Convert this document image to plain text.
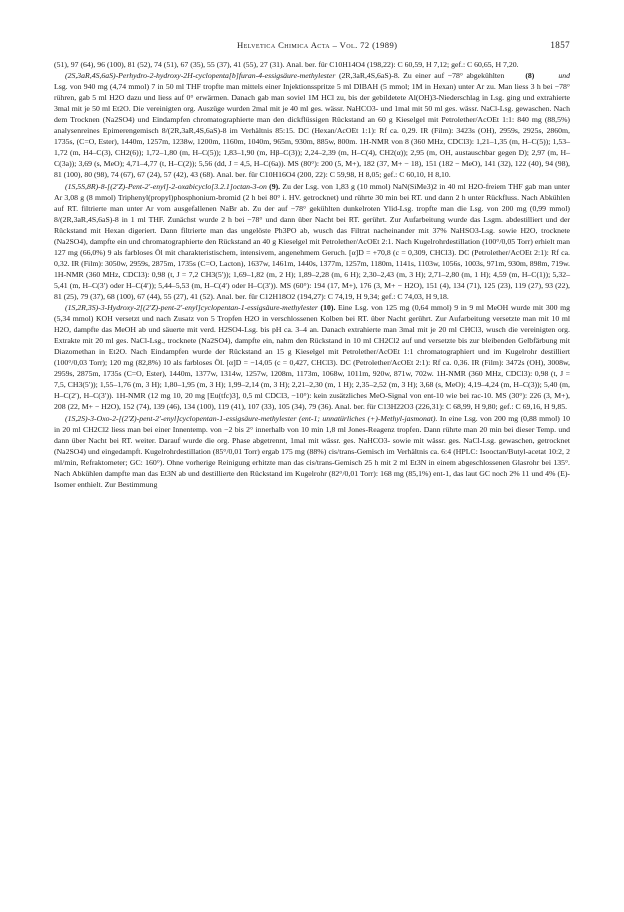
Helvetica Chimica Acta – Vol. 72 (1989)	1857

(51), 97 (64), 96 (100), 81 (52), 74 (51), 67 (35), 55 (37), 41 (55), 27 (31). Anal. ber. für C10H14O4 (198,22): C 60,59, H 7,12; gef.: C 60,65, H 7,20.

(8)	und
(2S,3aR,4S,6aS)-Perhydro-2-hydroxy-2H-cyclopenta[b]furan-4-essigsäure-methylester (2R,3aR,4S,6aS)-8. Zu einer auf −78° abgekühlten Lsg. von 940 mg (4,74 mmol) 7 in 50 ml THF tropfte man mittels einer Injektionsspritze 5 ml DIBAH (5 mmol; 1M in Hexan) unter Ar zu. Man liess 3 h bei −78° rühren, gab 5 ml H2O dazu und liess auf 0° erwärmen. Danach gab man soviel 1M HCl zu, bis der gebildetete Al(OH)3-Niederschlag in Lsg. ging und extrahierte 3mal mit je 50 ml Et2O. Die vereinigten org. Auszüge wurden 2mal mit je 40 ml ges. wässr. NaHCO3- und 1mal mit 50 ml ges. wässr. NaCl-Lsg. gewaschen. Nach dem Trocknen (Na2SO4) und Eindampfen chromatographierte man den dickflüssigen Rückstand an 60 g Kieselgel mit Petrolether/AcOEt 1:1: 840 mg (88,5%) analysenreines Epimerengemisch 8/(2R,3aR,4S,6aS)-8 im Verhältnis 85:15. DC (Hexan/AcOEt 1:1): Rf ca. 0,29. IR (Film): 3423s (OH), 2959s, 2925s, 2860m, 1735s, (C=O, Ester), 1440m, 1257m, 1238w, 1200m, 1160m, 1040m, 965m, 930m, 885w, 800m. 1H-NMR von 8 (360 MHz, CDCl3): 1,21–1,35 (m, H–C(5)); 1,53–1,72 (m, H4–C(3), CH2(6)); 1,72–1,80 (m, H–C(5)); 1,83–1,90 (m, Hβ–C(3)); 2,24–2,39 (m, H–C(4), CH2(α)); 2,95 (m, OH, austauschbar gegen D); 2,97 (m, H–C(3a)); 3,69 (s, MeO); 4,71–4,77 (t, H–C(2)); 5,56 (dd, J = 4,5, H–C(6a)). MS (80°): 200 (5, M+), 182 (37, M+ − 18), 151 (182 − MeO), 141 (32), 122 (40), 94 (98), 81 (100), 80 (98), 74 (67), 67 (24), 57 (42), 43 (68). Anal. ber. für C10H16O4 (200, 22): C 59,98, H 8,05; gef.: C 60,10, H 8,10.

(1S,5S,8R)-8-[(2′Z)-Pent-2′-enyl]-2-oxabicyclo[3.2.1]octan-3-on (9). Zu der Lsg. von 1,83 g (10 mmol) NaN(SiMe3)2 in 40 ml H2O-freiem THF gab man unter Ar 3,08 g (8 mmol) Triphenyl(propyl)phosphonium-bromid (2 h bei 80° i. HV. getrocknet) und rührte 30 min bei RT. und dann 2 h unter Rückfluss. Nach Abkühlen auf RT. filtrierte man unter Ar vom ausgefallenen NaBr ab. Zu der auf −78° gekühlten dunkelroten Ylid-Lsg. tropfte man die Lsg. von 200 mg (0,99 mmol) 8/(2R,3aR,4S,6aS)-8 in 1 ml THF. Zunächst wurde 2 h bei −78° und dann über Nacht bei RT. gerührt. Zur Aufarbeitung wurde das Lsgm. abdestilliert und der Rückstand mit Hexan digeriert. Dann filtrierte man das ungelöste Ph3PO ab, wusch das Filtrat nacheinander mit 37% NaHSO3-Lsg. sowie H2O, trocknete (Na2SO4), dampfte ein und chromatographierte den Rückstand an 40 g Kieselgel mit Petrolether/AcOEt 2:1. Nach Kugelrohrdestillation (100°/0,05 Torr) erhielt man 127 mg (66,0%) 9 als farbloses Öl mit charakteristischem, intensivem, angenehmem Geruch. [α]D = +70,8 (c = 0,309, CHCl3). DC (Petrolether/AcOEt 2:1): Rf ca. 0,32. IR (Film): 3050w, 2959s, 2875m, 1735s (C=O, Lacton), 1637w, 1461m, 1440s, 1377m, 1257m, 1180m, 1141s, 1103w, 1056s, 1003s, 971m, 930m, 898m, 719w. 1H-NMR (360 MHz, CDCl3): 0,98 (t, J = 7,2 CH3(5′)); 1,69–1,82 (m, 2 H); 1,89–2,28 (m, 6 H); 2,30–2,43 (m, 3 H); 2,71–2,80 (m, 1 H); 4,59 (m, H–C(1)); 5,32–5,41 (m, H–C(3′) oder H–C(4′)); 5,44–5,53 (m, H–C(4′) oder H–C(3′)). MS (60°): 194 (17, M+), 176 (3, M+ − H2O), 151 (4), 134 (71), 125 (23), 119 (27), 93 (22), 81 (25), 79 (37), 68 (100), 67 (44), 55 (27), 41 (52). Anal. ber. für C12H18O2 (194,27): C 74,19, H 9,34; gef.: C 74,03, H 9,18.

(1S,2R,3S)-3-Hydroxy-2[(2′Z)-pent-2′-enyl]cyclopentan-1-essigsäure-methylester (10). Eine Lsg. von 125 mg (0,64 mmol) 9 in 9 ml MeOH wurde mit 300 mg (5,34 mmol) KOH versetzt und nach Zusatz von 5 Tropfen H2O in verschlossenen Kolben bei RT. über Nacht gerührt. Zur Aufarbeitung versetzte man mit 10 ml H2O, dampfte das MeOH ab und säuerte mit verd. H2SO4-Lsg. bis pH ca. 3–4 an. Danach extrahierte man 3mal mit je 20 ml CHCl3, wusch die vereinigten org. Extrakte mit 20 ml ges. NaCl-Lsg., trocknete (Na2SO4), dampfte ein, nahm den Rückstand in 10 ml CH2Cl2 auf und versetzte bis zur bleibenden Gelbfärbung mit Diazomethan in Et2O. Nach Eindampfen wurde der Rückstand an 15 g Kieselgel mit Petrolether/AcOEt 1:1 chromatographiert und im Kugelrohr destilliert (100°/0,03 Torr); 120 mg (82,8%) 10 als farbloses Öl. [α]D = −14,05 (c = 0,427, CHCl3). DC (Petrolether/AcOEt 2:1): Rf ca. 0,36. IR (Film): 3472s (OH), 3008w, 2959s, 2875m, 1735s (C=O, Ester), 1440m, 1377w, 1314w, 1257w, 1208m, 1173m, 1068w, 1011m, 920w, 871w, 702w. 1H-NMR (360 MHz, CDCl3): 0,98 (t, J = 7,5, CH3(5′)); 1,55–1,76 (m, 3 H); 1,80–1,95 (m, 3 H); 1,99–2,14 (m, 3 H); 2,21–2,30 (m, 1 H); 2,35–2,52 (m, 3 H); 3,68 (s, MeO); 4,19–4,24 (m, H–C(3)); 5,40 (m, H–C(2′), H–C(3′)). 1H-NMR (12 mg 10, 20 mg [Eu(tfc)3], 0,5 ml CDCl3, −10°): kein zusätzliches MeO-Signal von ent-10 wie bei rac-10. MS (30°): 226 (3, M+), 208 (22, M+ − H2O), 152 (74), 139 (46), 134 (100), 119 (41), 107 (33), 105 (34), 79 (36). Anal. ber. für C13H22O3 (226,31): C 68,99, H 9,80; gef.: C 69,16, H 9,85.

(1S,2S)-3-Oxo-2-[(2′Z)-pent-2′-enyl]cyclopentan-1-essigsäure-methylester (ent-1; unnatürliches (+)-Methyl-jasmonat). In eine Lsg. von 200 mg (0,88 mmol) 10 in 20 ml CH2Cl2 liess man bei einer Innentemp. von −2 bis 2° innerhalb von 10 min 1,8 ml Jones-Reagenz tropfen. Dann rührte man 20 min bei dieser Temp. und dann über Nacht bei RT. weiter. Darauf wurde die org. Phase abgetrennt, 1mal mit wässr. ges. NaHCO3- sowie mit wässr. ges. NaCl-Lsg. gewaschen, getrocknet (Na2SO4) und eingedampft. Kugelrohrdestillation (85°/0,01 Torr) ergab 175 mg (88%) cis/trans-Gemisch im Verhältnis ca. 6:4 (HPLC: Isooctan/Butyl-acetat 10:2, 2 ml/min, Refraktometer; GC: 160°). Ohne vorherige Reinigung erhitzte man das cis/trans-Gemisch 25 h mit 2 ml Et3N in einem abgeschlossenen Glasrohr bei 135°. Nach Abkühlen dampfte man das Et3N ab und destillierte den Rückstand im Kugelrohr (82°/0,01 Torr): 168 mg (85,1%) ent-1, das laut GC noch 2% 11 und 4% (E)-Isomer enthielt. Zur Bestimmung
